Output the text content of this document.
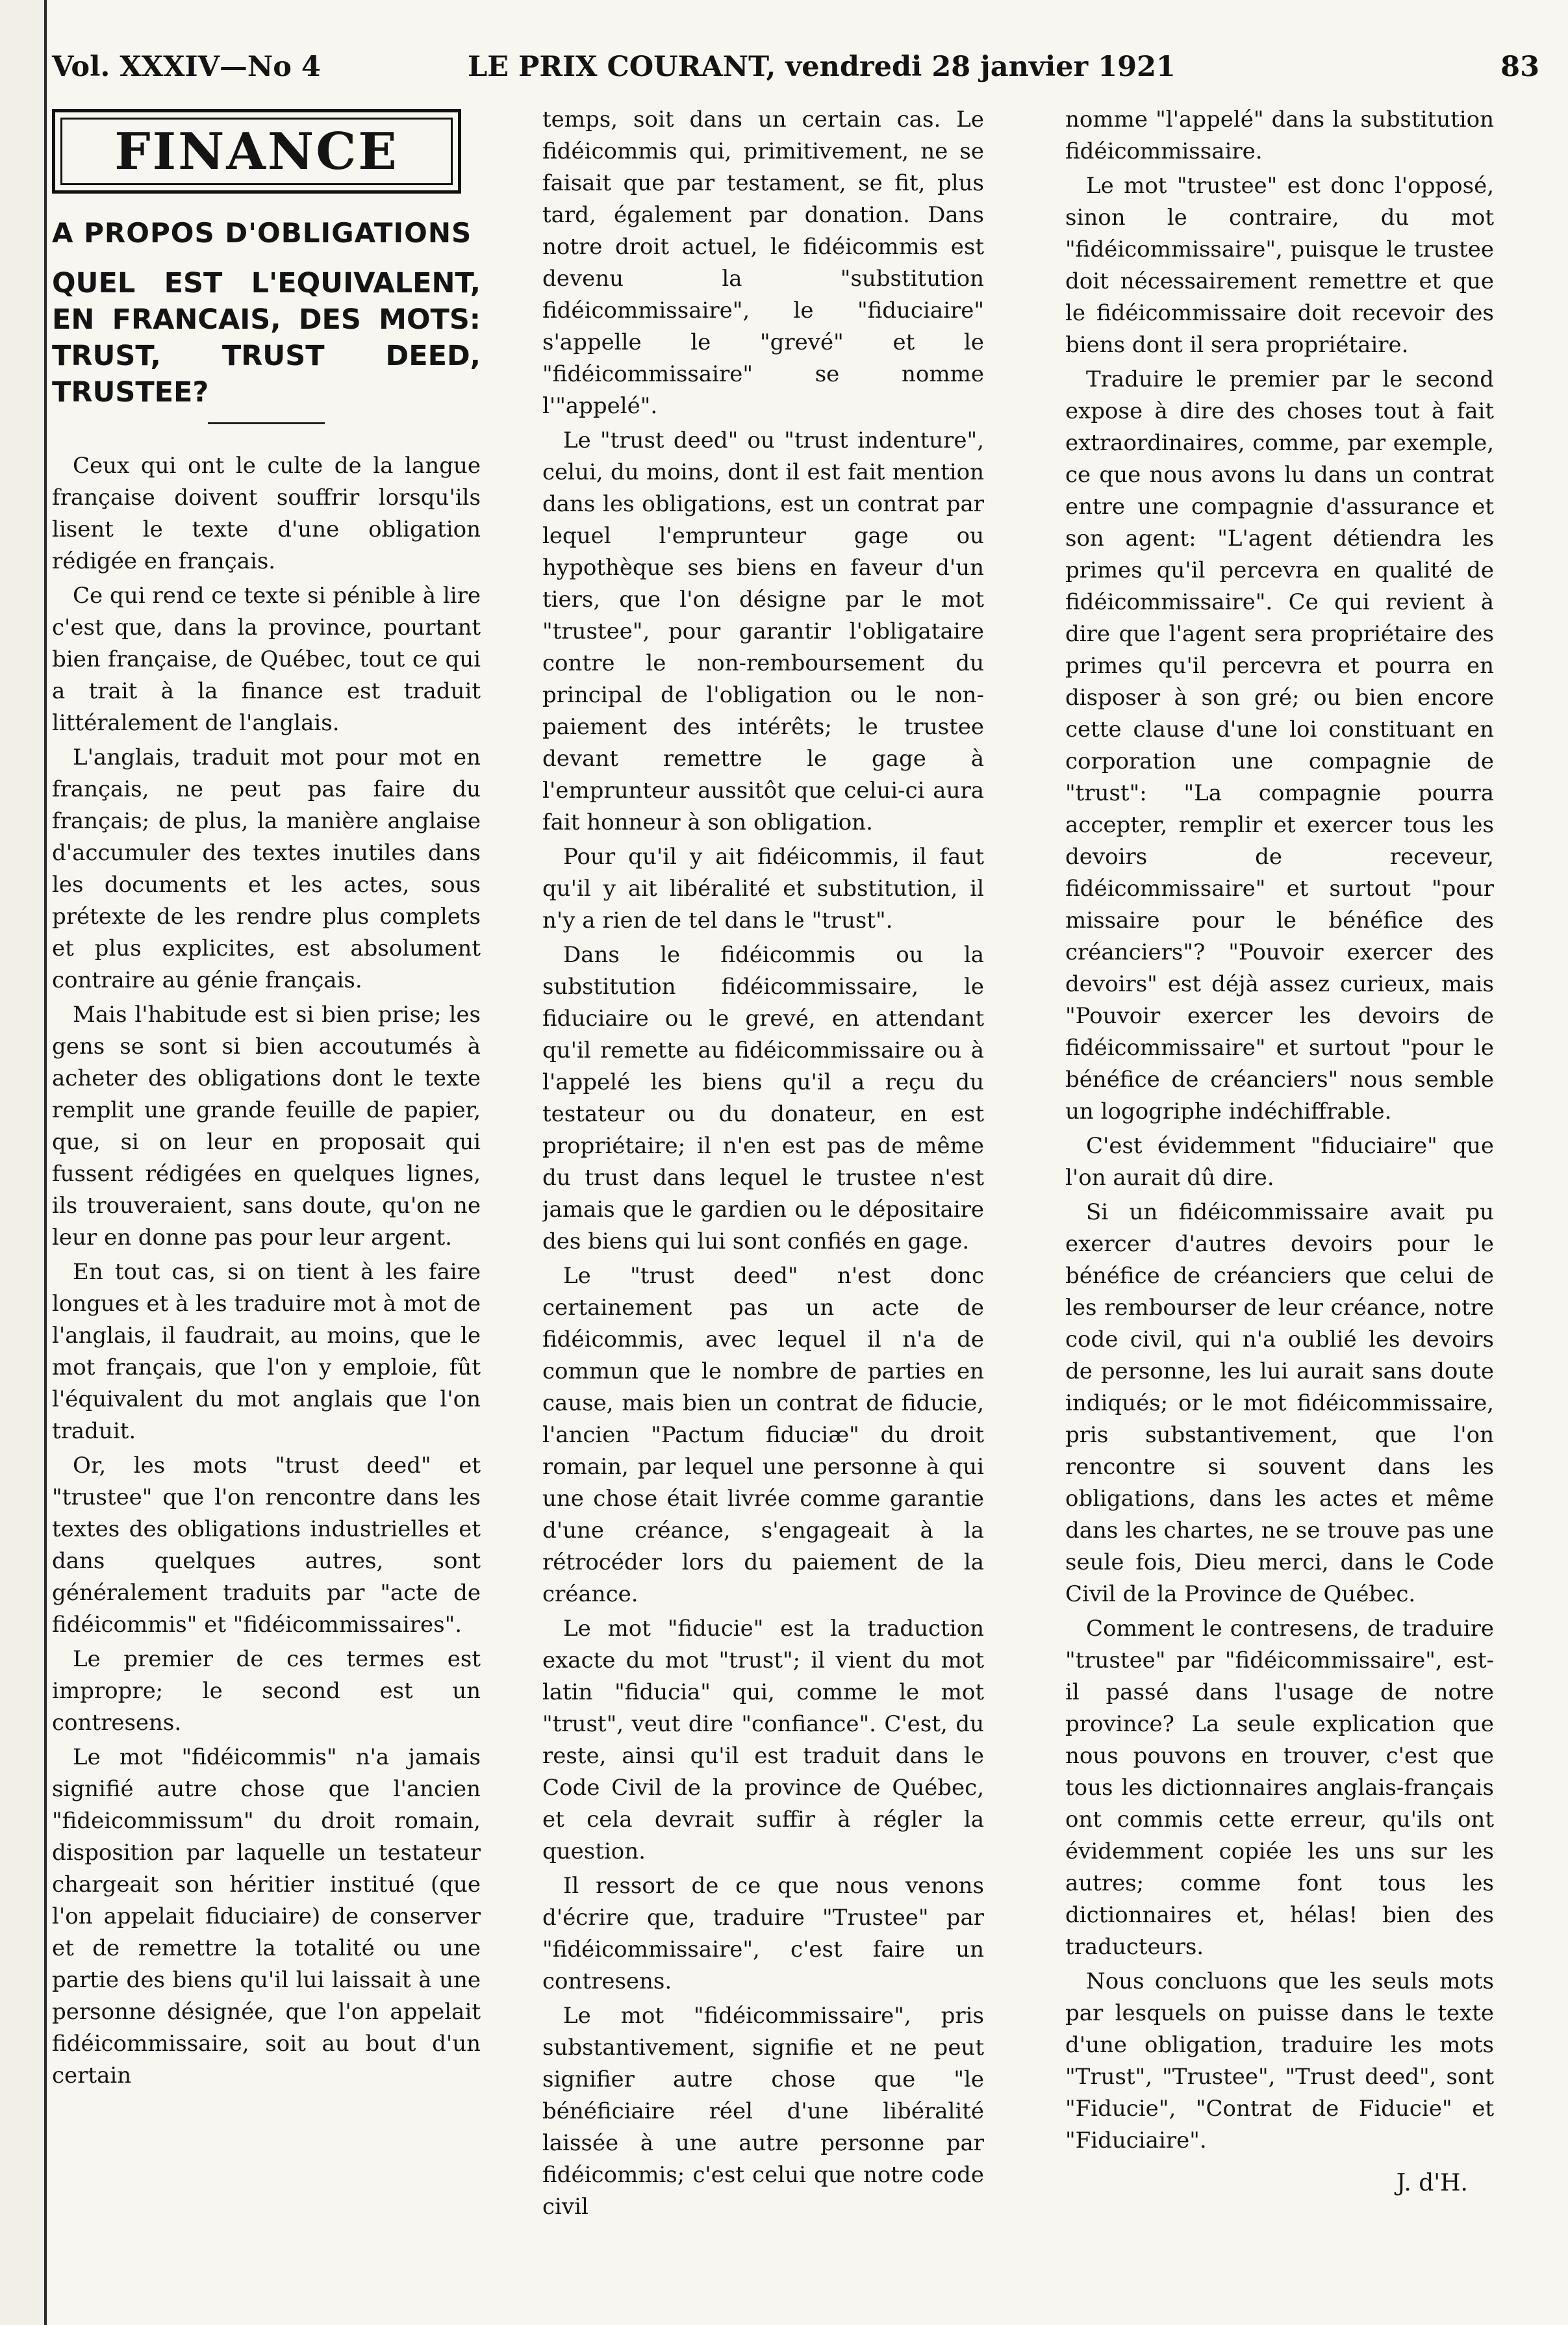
Vol. XXXIV—No 4	LE PRIX COURANT, vendredi 28 janvier 1921	83
FINANCE
A PROPOS D'OBLIGATIONS
QUEL EST L'EQUIVALENT, EN FRANCAIS, DES MOTS: TRUST, TRUST DEED, TRUSTEE?

Ceux qui ont le culte de la langue française doivent souffrir lorsqu'ils lisent le texte d'une obligation rédigée en français.

Ce qui rend ce texte si pénible à lire c'est que, dans la province, pourtant bien française, de Québec, tout ce qui a trait à la finance est traduit littéralement de l'anglais.

L'anglais, traduit mot pour mot en français, ne peut pas faire du français; de plus, la manière anglaise d'accumuler des textes inutiles dans les documents et les actes, sous prétexte de les rendre plus complets et plus explicites, est absolument contraire au génie français.

Mais l'habitude est si bien prise; les gens se sont si bien accoutumés à acheter des obligations dont le texte remplit une grande feuille de papier, que, si on leur en proposait qui fussent rédigées en quelques lignes, ils trouveraient, sans doute, qu'on ne leur en donne pas pour leur argent.

En tout cas, si on tient à les faire longues et à les traduire mot à mot de l'anglais, il faudrait, au moins, que le mot français, que l'on y emploie, fût l'équivalent du mot anglais que l'on traduit.

Or, les mots "trust deed" et "trustee" que l'on rencontre dans les textes des obligations industrielles et dans quelques autres, sont généralement traduits par "acte de fidéicommis" et "fidéicommissaires".

Le premier de ces termes est impropre; le second est un contresens.

Le mot "fidéicommis" n'a jamais signifié autre chose que l'ancien "fideicommissum" du droit romain, disposition par laquelle un testateur chargeait son héritier institué (que l'on appelait fiduciaire) de conserver et de remettre la totalité ou une partie des biens qu'il lui laissait à une personne désignée, que l'on appelait fidéicommissaire, soit au bout d'un certain

temps, soit dans un certain cas. Le fidéicommis qui, primitivement, ne se faisait que par testament, se fit, plus tard, également par donation. Dans notre droit actuel, le fidéicommis est devenu la "substitution fidéicommissaire", le "fiduciaire" s'appelle le "grevé" et le "fidéicommissaire" se nomme l'"appelé".

Le "trust deed" ou "trust indenture", celui, du moins, dont il est fait mention dans les obligations, est un contrat par lequel l'emprunteur gage ou hypothèque ses biens en faveur d'un tiers, que l'on désigne par le mot "trustee", pour garantir l'obligataire contre le non-remboursement du principal de l'obligation ou le non-paiement des intérêts; le trustee devant remettre le gage à l'emprunteur aussitôt que celui-ci aura fait honneur à son obligation.

Pour qu'il y ait fidéicommis, il faut qu'il y ait libéralité et substitution, il n'y a rien de tel dans le "trust".

Dans le fidéicommis ou la substitution fidéicommissaire, le fiduciaire ou le grevé, en attendant qu'il remette au fidéicommissaire ou à l'appelé les biens qu'il a reçu du testateur ou du donateur, en est propriétaire; il n'en est pas de même du trust dans lequel le trustee n'est jamais que le gardien ou le dépositaire des biens qui lui sont confiés en gage.

Le "trust deed" n'est donc certainement pas un acte de fidéicommis, avec lequel il n'a de commun que le nombre de parties en cause, mais bien un contrat de fiducie, l'ancien "Pactum fiduciæ" du droit romain, par lequel une personne à qui une chose était livrée comme garantie d'une créance, s'engageait à la rétrocéder lors du paiement de la créance.

Le mot "fiducie" est la traduction exacte du mot "trust"; il vient du mot latin "fiducia" qui, comme le mot "trust", veut dire "confiance". C'est, du reste, ainsi qu'il est traduit dans le Code Civil de la province de Québec, et cela devrait suffir à régler la question.

Il ressort de ce que nous venons d'écrire que, traduire "Trustee" par "fidéicommissaire", c'est faire un contresens.

Le mot "fidéicommissaire", pris substantivement, signifie et ne peut signifier autre chose que "le bénéficiaire réel d'une libéralité laissée à une autre personne par fidéicommis; c'est celui que notre code civil

nomme "l'appelé" dans la substitution fidéicommissaire.

Le mot "trustee" est donc l'opposé, sinon le contraire, du mot "fidéicommissaire", puisque le trustee doit nécessairement remettre et que le fidéicommissaire doit recevoir des biens dont il sera propriétaire.

Traduire le premier par le second expose à dire des choses tout à fait extraordinaires, comme, par exemple, ce que nous avons lu dans un contrat entre une compagnie d'assurance et son agent: "L'agent détiendra les primes qu'il percevra en qualité de fidéicommissaire". Ce qui revient à dire que l'agent sera propriétaire des primes qu'il percevra et pourra en disposer à son gré; ou bien encore cette clause d'une loi constituant en corporation une compagnie de "trust": "La compagnie pourra accepter, remplir et exercer tous les devoirs de receveur, fidéicommissaire" et surtout "pour missaire pour le bénéfice des créanciers"? "Pouvoir exercer des devoirs" est déjà assez curieux, mais "Pouvoir exercer les devoirs de fidéicommissaire" et surtout "pour le bénéfice de créanciers" nous semble un logogriphe indéchiffrable.

C'est évidemment "fiduciaire" que l'on aurait dû dire.

Si un fidéicommissaire avait pu exercer d'autres devoirs pour le bénéfice de créanciers que celui de les rembourser de leur créance, notre code civil, qui n'a oublié les devoirs de personne, les lui aurait sans doute indiqués; or le mot fidéicommissaire, pris substantivement, que l'on rencontre si souvent dans les obligations, dans les actes et même dans les chartes, ne se trouve pas une seule fois, Dieu merci, dans le Code Civil de la Province de Québec.

Comment le contresens, de traduire "trustee" par "fidéicommissaire", est-il passé dans l'usage de notre province? La seule explication que nous pouvons en trouver, c'est que tous les dictionnaires anglais-français ont commis cette erreur, qu'ils ont évidemment copiée les uns sur les autres; comme font tous les dictionnaires et, hélas! bien des traducteurs.

Nous concluons que les seuls mots par lesquels on puisse dans le texte d'une obligation, traduire les mots "Trust", "Trustee", "Trust deed", sont "Fiducie", "Contrat de Fiducie" et "Fiduciaire".

J. d'H.
